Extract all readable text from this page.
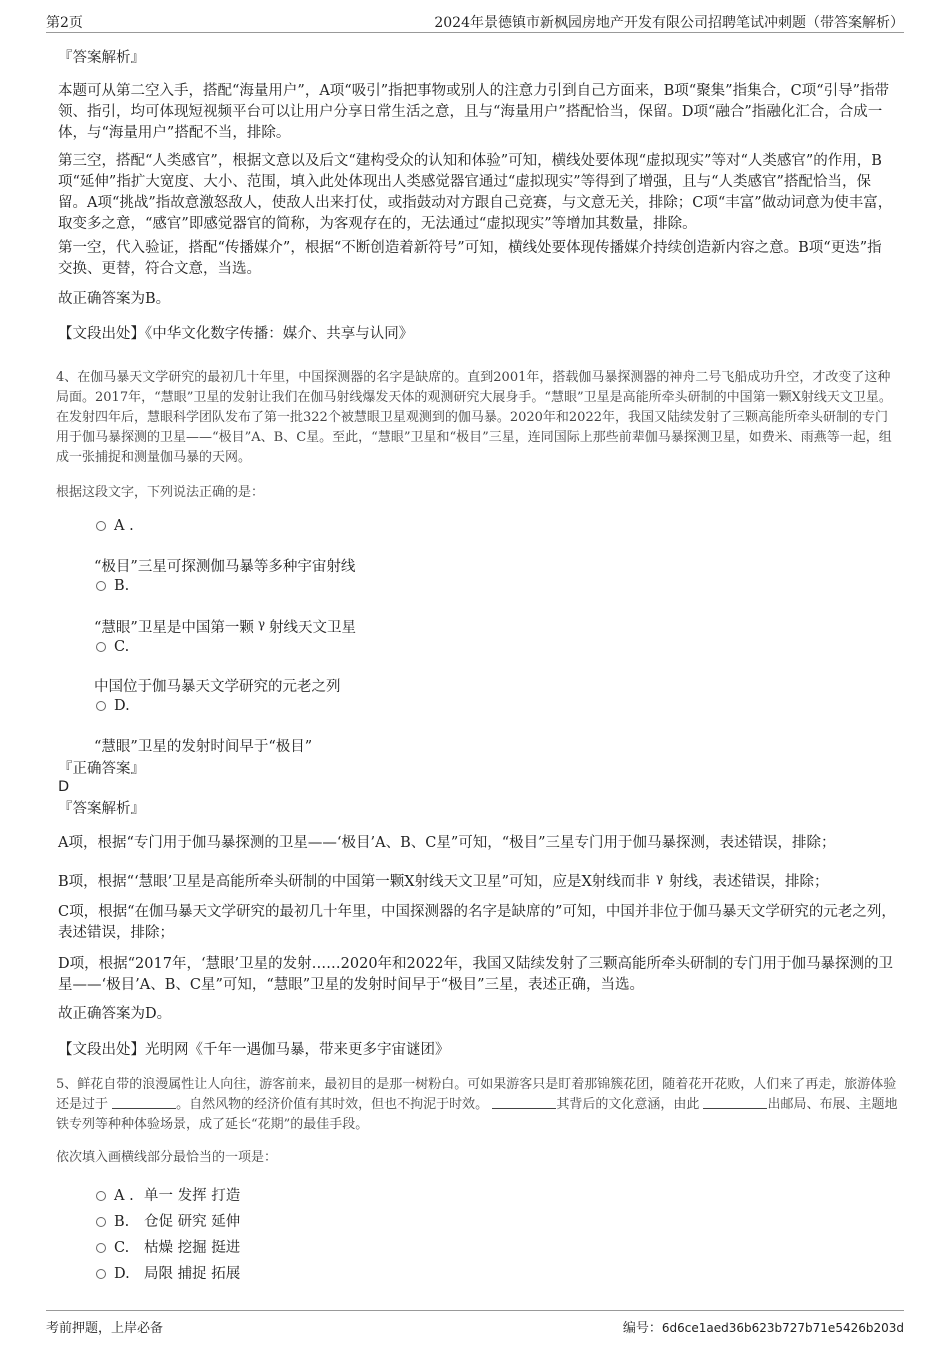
第2页	2024年景德镇市新枫园房地产开发有限公司招聘笔试冲刺题（带答案解析）
『答案解析』
本题可从第二空入手，搭配“海量用户”，A项“吸引”指把事物或别人的注意力引到自己方面来，B项“聚集”指集合，C项“引导”指带领、指引，均可体现短视频平台可以让用户分享日常生活之意，且与“海量用户”搭配恰当，保留。D项“融合”指融化汇合，合成一体，与“海量用户”搭配不当，排除。
第三空，搭配“人类感官”，根据文意以及后文“建构受众的认知和体验”可知，横线处要体现“虚拟现实”等对“人类感官”的作用，B项“延伸”指扩大宽度、大小、范围，填入此处体现出人类感觉器官通过“虚拟现实”等得到了增强，且与“人类感官”搭配恰当，保留。A项“挑战”指故意激怒敌人，使敌人出来打仗，或指鼓动对方跟自己竞赛，与文意无关，排除；C项“丰富”做动词意为使丰富，取变多之意，“感官”即感觉器官的简称，为客观存在的，无法通过“虚拟现实”等增加其数量，排除。
第一空，代入验证，搭配“传播媒介”，根据“不断创造着新符号”可知，横线处要体现传播媒介持续创造新内容之意。B项“更迭”指交换、更替，符合文意，当选。
故正确答案为B。
【文段出处】《中华文化数字传播：媒介、共享与认同》
4、在伽马暴天文学研究的最初几十年里，中国探测器的名字是缺席的。直到2001年，搭载伽马暴探测器的神舟二号飞船成功升空，才改变了这种局面。2017年，“慧眼”卫星的发射让我们在伽马射线爆发天体的观测研究大展身手。“慧眼”卫星是高能所牵头研制的中国第一颗X射线天文卫星。在发射四年后，慧眼科学团队发布了第一批322个被慧眼卫星观测到的伽马暴。2020年和2022年，我国又陆续发射了三颗高能所牵头研制的专门用于伽马暴探测的卫星——“极目”A、B、C星。至此，“慧眼”卫星和“极目”三星，连同国际上那些前辈伽马暴探测卫星，如费米、雨燕等一起，组成一张捕捉和测量伽马暴的天网。
根据这段文字，下列说法正确的是：
A .
“极目”三星可探测伽马暴等多种宇宙射线
B.
“慧眼”卫星是中国第一颗 $^\gamma$ 射线天文卫星
C.
中国位于伽马暴天文学研究的元老之列
D.
“慧眼”卫星的发射时间早于“极目”
『正确答案』
D
『答案解析』
A项，根据“专门用于伽马暴探测的卫星——‘极目’A、B、C星”可知，“极目”三星专门用于伽马暴探测，表述错误，排除；
B项，根据“‘慧眼’卫星是高能所牵头研制的中国第一颗X射线天文卫星”可知，应是X射线而非 $^\gamma$ 射线，表述错误，排除；
C项，根据“在伽马暴天文学研究的最初几十年里，中国探测器的名字是缺席的”可知，中国并非位于伽马暴天文学研究的元老之列，表述错误，排除；
D项，根据“2017年，‘慧眼’卫星的发射……2020年和2022年，我国又陆续发射了三颗高能所牵头研制的专门用于伽马暴探测的卫星——‘极目’A、B、C星”可知，“慧眼”卫星的发射时间早于“极目”三星，表述正确，当选。
故正确答案为D。
【文段出处】光明网《千年一遇伽马暴，带来更多宇宙谜团》
5、鲜花自带的浪漫属性让人向往，游客前来，最初目的是那一树粉白。可如果游客只是盯着那锦簇花团，随着花开花败，人们来了再走，旅游体验还是过于	。自然风物的经济价值有其时效，但也不拘泥于时效。	其背后的文化意涵，由此	出邮局、布展、主题地铁专列等种种体验场景，成了延长“花期”的最佳手段。
依次填入画横线部分最恰当的一项是：
A . 单一 发挥 打造
B. 仓促 研究 延伸
C. 枯燥 挖掘 挺进
D. 局限 捕捉 拓展
考前押题，上岸必备	编号：6d6ce1aed36b623b727b71e5426b203d
